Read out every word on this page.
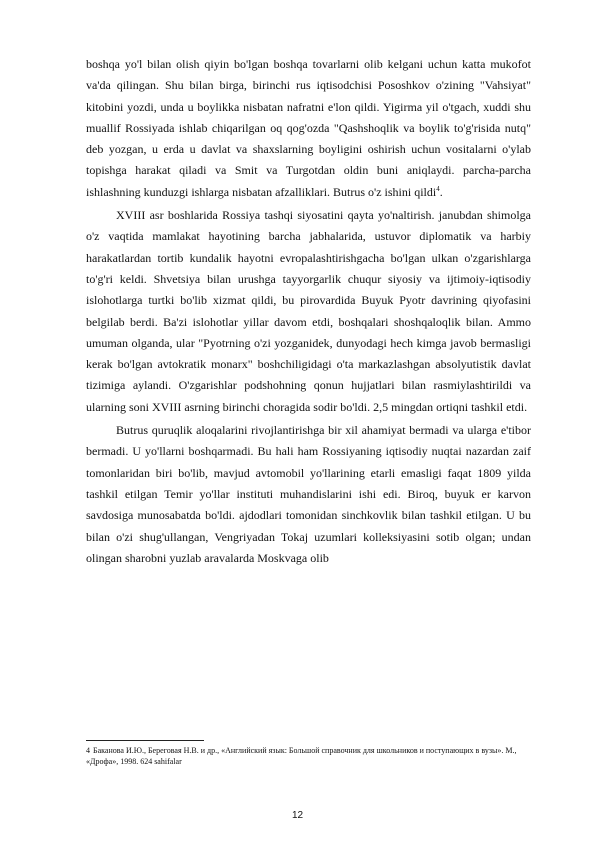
boshqa yo'l bilan olish qiyin bo'lgan boshqa tovarlarni olib kelgani uchun katta mukofot va'da qilingan. Shu bilan birga, birinchi rus iqtisodchisi Pososhkov o'zining "Vahsiyat" kitobini yozdi, unda u boylikka nisbatan nafratni e'lon qildi. Yigirma yil o'tgach, xuddi shu muallif Rossiyada ishlab chiqarilgan oq qog'ozda "Qashshoqlik va boylik to'g'risida nutq" deb yozgan, u erda u davlat va shaxslarning boyligini oshirish uchun vositalarni o'ylab topishga harakat qiladi va Smit va Turgotdan oldin buni aniqlaydi. parcha-parcha ishlashning kunduzgi ishlarga nisbatan afzalliklari. Butrus o'z ishini qildi$^4$.

XVIII asr boshlarida Rossiya tashqi siyosatini qayta yo'naltirish. janubdan shimolga o'z vaqtida mamlakat hayotining barcha jabhalarida, ustuvor diplomatik va harbiy harakatlardan tortib kundalik hayotni evropalashtirishgacha bo'lgan ulkan o'zgarishlarga to'g'ri keldi. Shvetsiya bilan urushga tayyorgarlik chuqur siyosiy va ijtimoiy-iqtisodiy islohotlarga turtki bo'lib xizmat qildi, bu pirovardida Buyuk Pyotr davrining qiyofasini belgilab berdi. Ba'zi islohotlar yillar davom etdi, boshqalari shoshqaloqlik bilan. Ammo umuman olganda, ular "Pyotrning o'zi yozganidek, dunyodagi hech kimga javob bermasligi kerak bo'lgan avtokratik monarx" boshchiligidagi o'ta markazlashgan absolyutistik davlat tizimiga aylandi. O'zgarishlar podshohning qonun hujjatlari bilan rasmiylashtirildi va ularning soni XVIII asrning birinchi choragida sodir bo'ldi. 2,5 mingdan ortiqni tashkil etdi.

Butrus quruqlik aloqalarini rivojlantirishga bir xil ahamiyat bermadi va ularga e'tibor bermadi. U yo'llarni boshqarmadi. Bu hali ham Rossiyaning iqtisodiy nuqtai nazardan zaif tomonlaridan biri bo'lib, mavjud avtomobil yo'llarining etarli emasligi faqat 1809 yilda tashkil etilgan Temir yo'llar instituti muhandislarini ishi edi. Biroq, buyuk er karvon savdosiga munosabatda bo'ldi. ajdodlari tomonidan sinchkovlik bilan tashkil etilgan. U bu bilan o'zi shug'ullangan, Vengriyadan Tokaj uzumlari kolleksiyasini sotib olgan; undan olingan sharobni yuzlab aravalarda Moskvaga olib

4 Баканова И.Ю., Береговая Н.В. и др., «Английский язык: Большой справочник для школьников и поступающих в вузы». М., «Дрофа», 1998. 624 sahifalar
12
